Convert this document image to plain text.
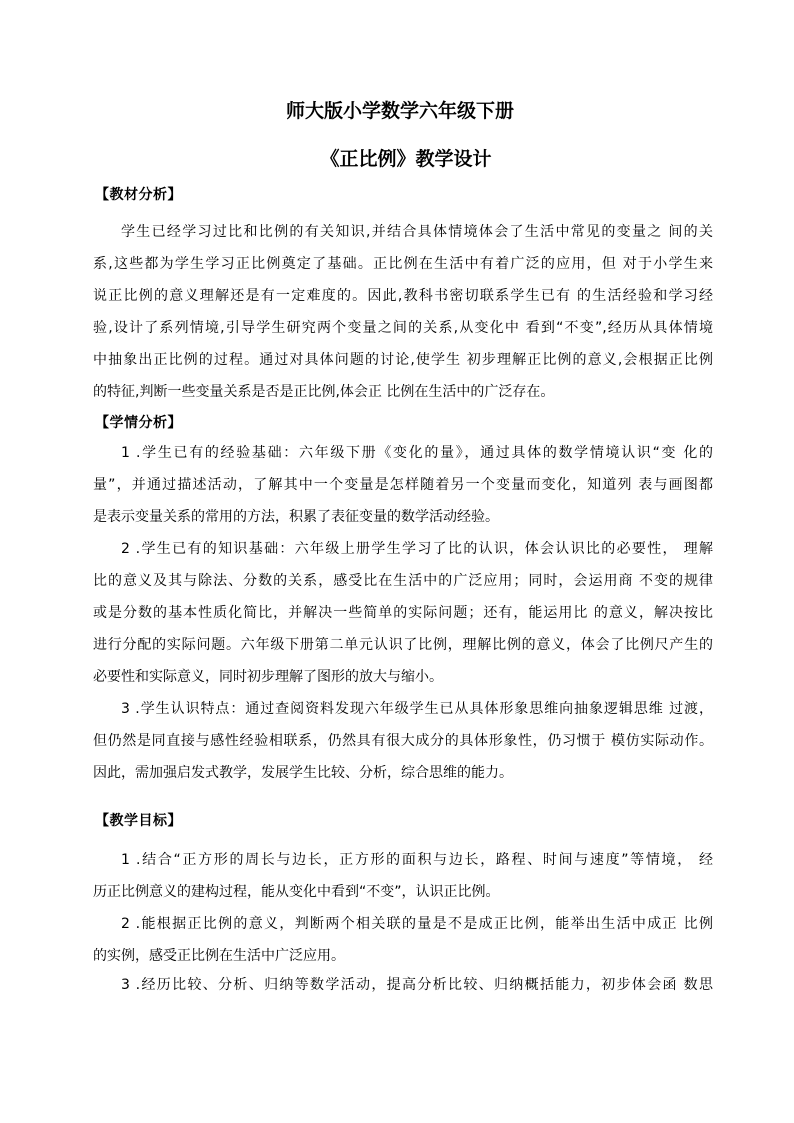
师大版小学数学六年级下册
《正比例》教学设计
【教材分析】
学生已经学习过比和比例的有关知识,并结合具体情境体会了生活中常见的变量之 间的关
系,这些都为学生学习正比例奠定了基础。正比例在生活中有着广泛的应用，但 对于小学生来
说正比例的意义理解还是有一定难度的。因此,教科书密切联系学生已有 的生活经验和学习经
验,设计了系列情境,引导学生研究两个变量之间的关系,从变化中 看到“不变”,经历从具体情境
中抽象出正比例的过程。通过对具体问题的讨论,使学生 初步理解正比例的意义,会根据正比例
的特征,判断一些变量关系是否是正比例,体会正 比例在生活中的广泛存在。
【学情分析】
1 .学生已有的经验基础：六年级下册《变化的量》，通过具体的数学情境认识“变 化的
量”，并通过描述活动，了解其中一个变量是怎样随着另一个变量而变化，知道列 表与画图都
是表示变量关系的常用的方法，积累了表征变量的数学活动经验。
2 .学生已有的知识基础：六年级上册学生学习了比的认识，体会认识比的必要性， 理解
比的意义及其与除法、分数的关系，感受比在生活中的广泛应用；同时，会运用商 不变的规律
或是分数的基本性质化简比，并解决一些简单的实际问题；还有，能运用比 的意义，解决按比
进行分配的实际问题。六年级下册第二单元认识了比例，理解比例的意义，体会了比例尺产生的
必要性和实际意义，同时初步理解了图形的放大与缩小。
3 .学生认识特点：通过查阅资料发现六年级学生已从具体形象思维向抽象逻辑思维 过渡，
但仍然是同直接与感性经验相联系，仍然具有很大成分的具体形象性，仍习惯于 模仿实际动作。
因此，需加强启发式教学，发展学生比较、分析，综合思维的能力。
【教学目标】
1 .结合“正方形的周长与边长，正方形的面积与边长，路程、时间与速度”等情境， 经
历正比例意义的建构过程，能从变化中看到“不变”，认识正比例。
2 .能根据正比例的意义，判断两个相关联的量是不是成正比例，能举出生活中成正 比例
的实例，感受正比例在生活中广泛应用。
3 .经历比较、分析、归纳等数学活动，提高分析比较、归纳概括能力，初步体会函 数思
